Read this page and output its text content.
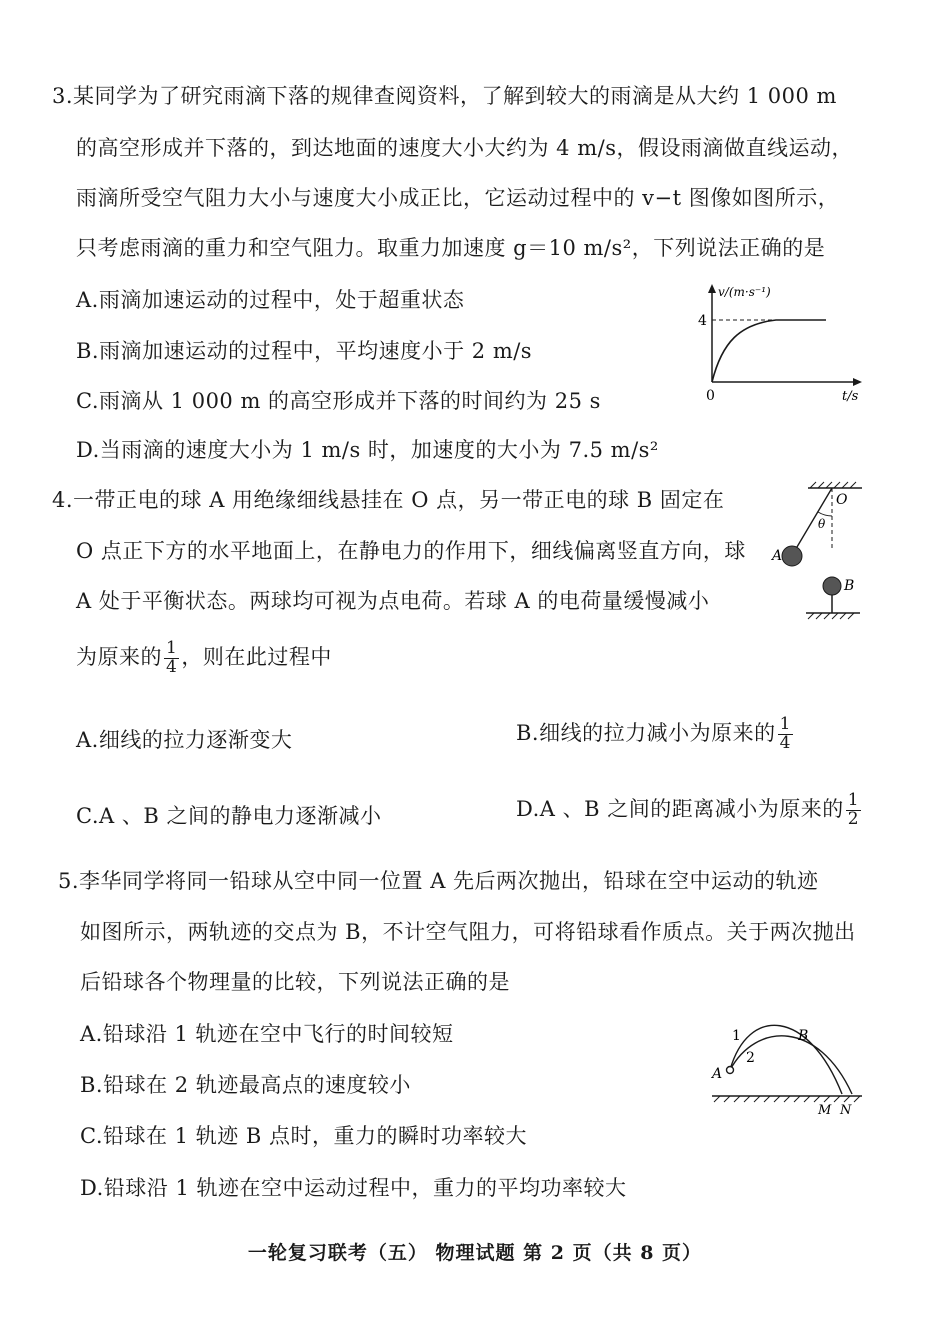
3.某同学为了研究雨滴下落的规律查阅资料，了解到较大的雨滴是从大约 1 000 m
的高空形成并下落的，到达地面的速度大小大约为 4 m/s，假设雨滴做直线运动，
雨滴所受空气阻力大小与速度大小成正比，它运动过程中的 v−t 图像如图所示，
只考虑雨滴的重力和空气阻力。取重力加速度 g＝10 m/s²，下列说法正确的是
A.雨滴加速运动的过程中，处于超重状态
B.雨滴加速运动的过程中，平均速度小于 2 m/s
C.雨滴从 1 000 m 的高空形成并下落的时间约为 25 s
D.当雨滴的速度大小为 1 m/s 时，加速度的大小为 7.5 m/s²
v/(m·s⁻¹)
4
0	t/s
4.一带正电的球 A 用绝缘细线悬挂在 O 点，另一带正电的球 B 固定在
O 点正下方的水平地面上，在静电力的作用下，细线偏离竖直方向，球
A 处于平衡状态。两球均可视为点电荷。若球 A 的电荷量缓慢减小
为原来的 $\frac{1}{4}$ ，则在此过程中
A.细线的拉力逐渐变大	B.细线的拉力减小为原来的 $\frac{1}{4}$
C.A 、B 之间的静电力逐渐减小	D.A 、B 之间的距离减小为原来的 $\frac{1}{2}$
O
θ
A
B
5.李华同学将同一铅球从空中同一位置 A 先后两次抛出，铅球在空中运动的轨迹
如图所示，两轨迹的交点为 B，不计空气阻力，可将铅球看作质点。关于两次抛出
后铅球各个物理量的比较，下列说法正确的是
A.铅球沿 1 轨迹在空中飞行的时间较短
B.铅球在 2 轨迹最高点的速度较小
C.铅球在 1 轨迹 B 点时，重力的瞬时功率较大
D.铅球沿 1 轨迹在空中运动过程中，重力的平均功率较大
1
2
A
B
M N
一轮复习联考（五） 物理试题 第 2 页（共 8 页）
